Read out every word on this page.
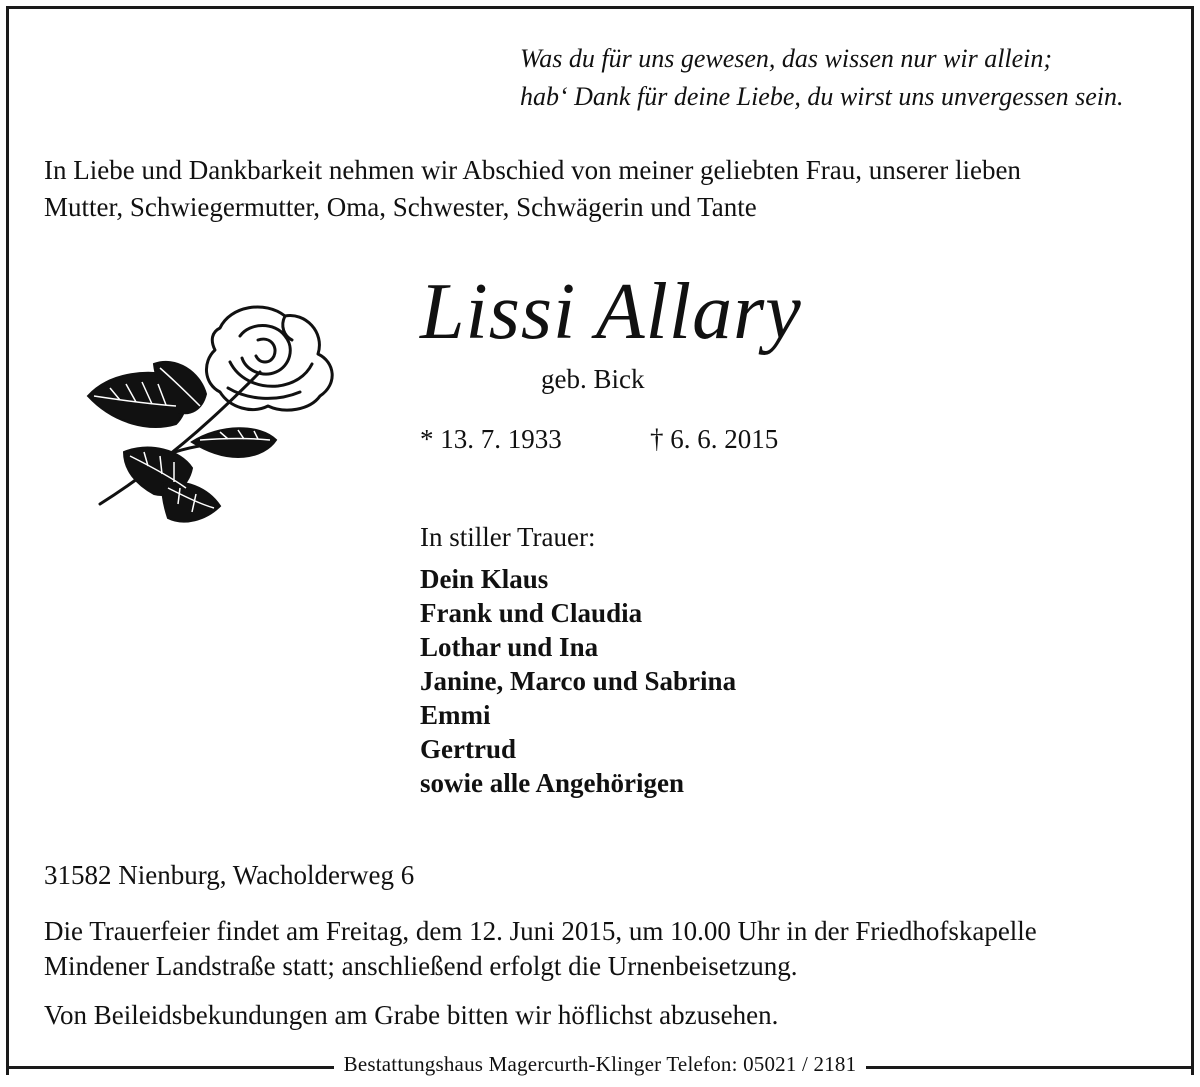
Was du für uns gewesen, das wissen nur wir allein;
hab‘ Dank für deine Liebe, du wirst uns unvergessen sein.
In Liebe und Dankbarkeit nehmen wir Abschied von meiner geliebten Frau, unserer lieben
Mutter, Schwiegermutter, Oma, Schwester, Schwägerin und Tante
Lissi Allary
geb. Bick
* 13. 7. 1933	† 6. 6. 2015
In stiller Trauer:
Dein Klaus
Frank und Claudia
Lothar und Ina
Janine, Marco und Sabrina
Emmi
Gertrud
sowie alle Angehörigen
31582 Nienburg, Wacholderweg 6
Die Trauerfeier findet am Freitag, dem 12. Juni 2015, um 10.00 Uhr in der Friedhofskapelle
Mindener Landstraße statt; anschließend erfolgt die Urnenbeisetzung.
Von Beileidsbekundungen am Grabe bitten wir höflichst abzusehen.
Bestattungshaus Magercurth-Klinger Telefon: 05021 / 2181
